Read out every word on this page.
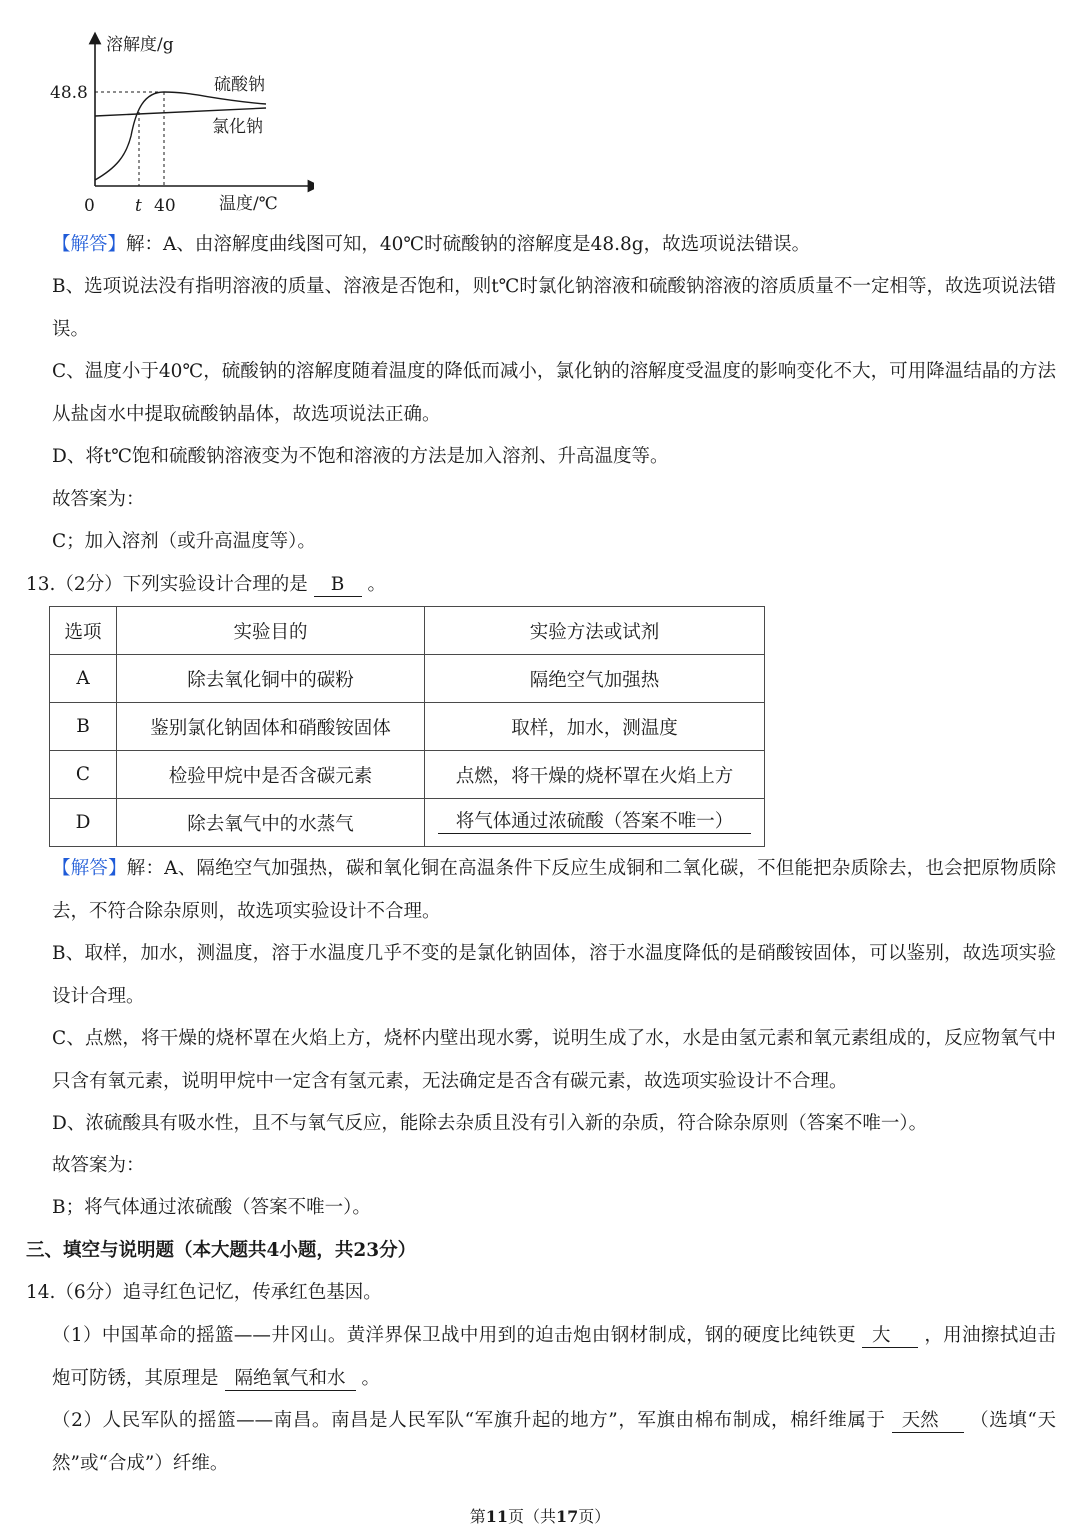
溶解度/g
48.8	硫酸钠
氯化钠
0 t 40	温度/℃

【解答】解：A、由溶解度曲线图可知，40℃时硫酸钠的溶解度是48.8g，故选项说法错误。

B、选项说法没有指明溶液的质量、溶液是否饱和，则t℃时氯化钠溶液和硫酸钠溶液的溶质质量不一定相等，故选项说法错误。

C、温度小于40℃，硫酸钠的溶解度随着温度的降低而减小，氯化钠的溶解度受温度的影响变化不大，可用降温结晶的方法从盐卤水中提取硫酸钠晶体，故选项说法正确。

D、将t℃饱和硫酸钠溶液变为不饱和溶液的方法是加入溶剂、升高温度等。

故答案为：

C；加入溶剂（或升高温度等）。

13.（2分）下列实验设计合理的是 B 。

选项	实验目的	实验方法或试剂
A	除去氧化铜中的碳粉	隔绝空气加强热
B	鉴别氯化钠固体和硝酸铵固体	取样，加水，测温度
C	检验甲烷中是否含碳元素	点燃，将干燥的烧杯罩在火焰上方
D	除去氧气中的水蒸气	将气体通过浓硫酸（答案不唯一）

【解答】解：A、隔绝空气加强热，碳和氧化铜在高温条件下反应生成铜和二氧化碳，不但能把杂质除去，也会把原物质除去，不符合除杂原则，故选项实验设计不合理。

B、取样，加水，测温度，溶于水温度几乎不变的是氯化钠固体，溶于水温度降低的是硝酸铵固体，可以鉴别，故选项实验设计合理。

C、点燃，将干燥的烧杯罩在火焰上方，烧杯内壁出现水雾，说明生成了水，水是由氢元素和氧元素组成的，反应物氧气中只含有氧元素，说明甲烷中一定含有氢元素，无法确定是否含有碳元素，故选项实验设计不合理。

D、浓硫酸具有吸水性，且不与氧气反应，能除去杂质且没有引入新的杂质，符合除杂原则（答案不唯一）。

故答案为：

B；将气体通过浓硫酸（答案不唯一）。

三、填空与说明题（本大题共4小题，共23分）

14.（6分）追寻红色记忆，传承红色基因。

（1）中国革命的摇篮——井冈山。黄洋界保卫战中用到的迫击炮由钢材制成，钢的硬度比纯铁更 大 ，用油擦拭迫击炮可防锈，其原理是 隔绝氧气和水 。

（2）人民军队的摇篮——南昌。南昌是人民军队“军旗升起的地方”，军旗由棉布制成，棉纤维属于 天然 （选填“天然”或“合成”）纤维。

第11页（共17页）
